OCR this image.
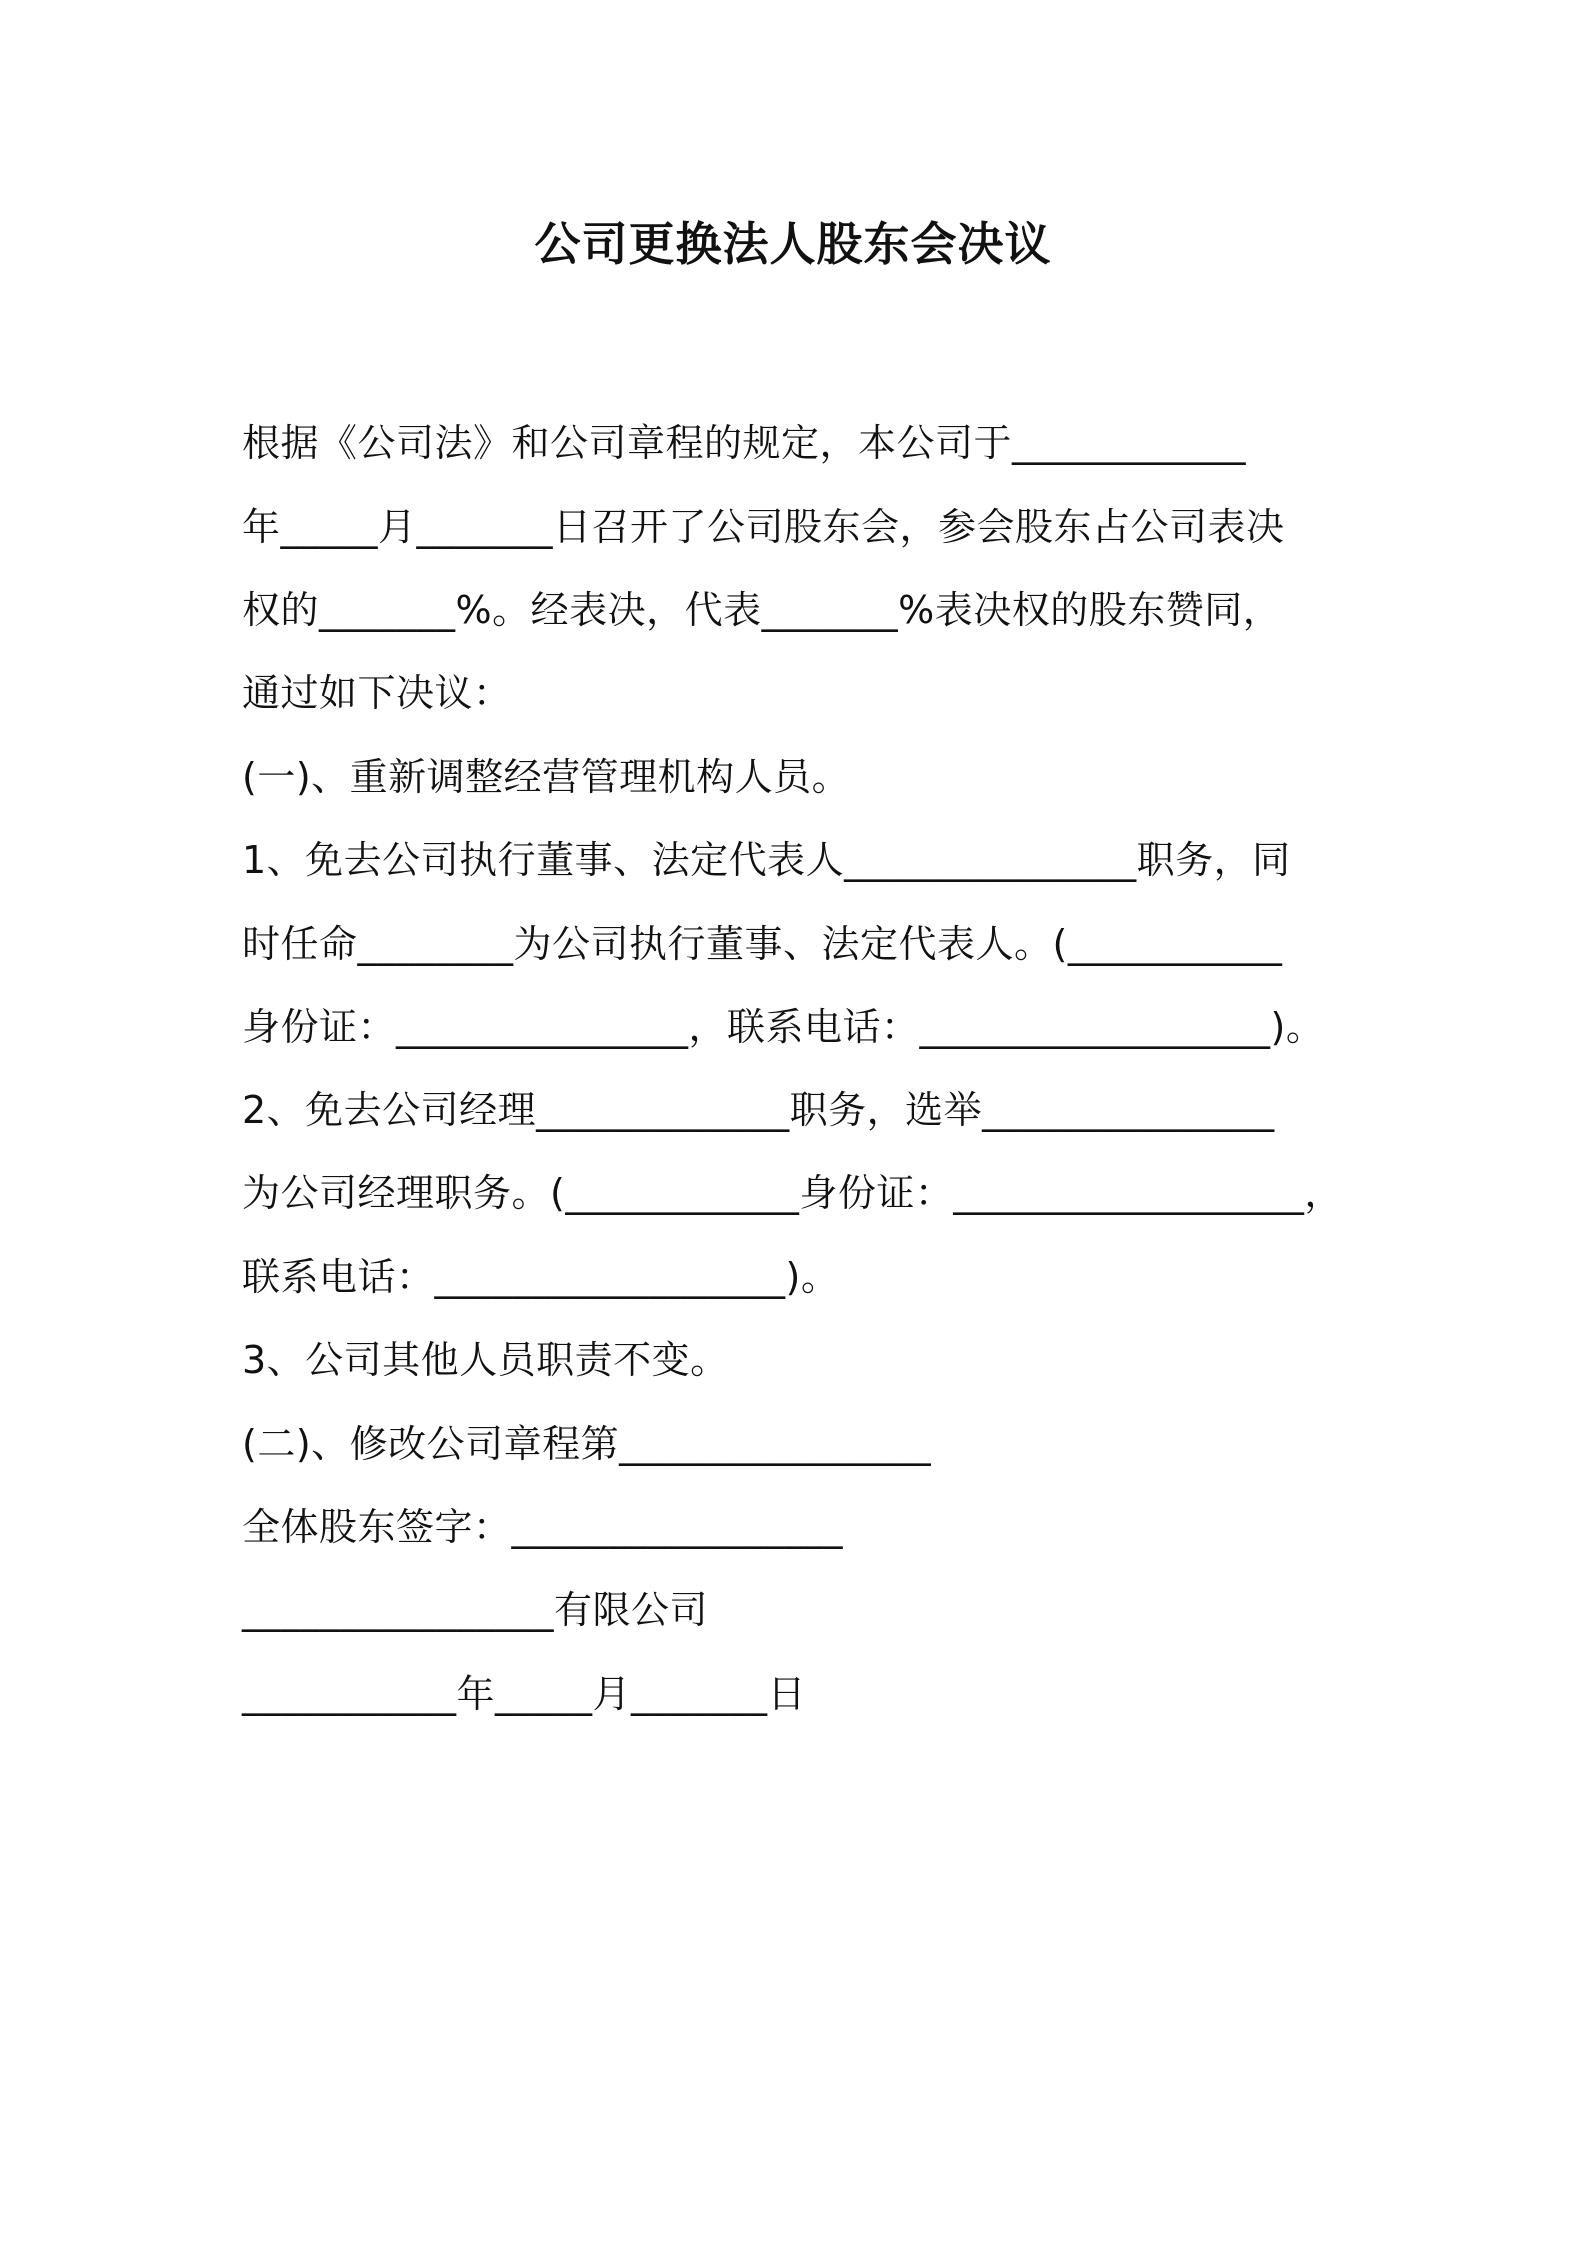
公司更换法人股东会决议
根据《公司法》和公司章程的规定，本公司于____________
年_____月_______日召开了公司股东会，参会股东占公司表决
权的_______%。经表决，代表_______%表决权的股东赞同，
通过如下决议：
(一)、重新调整经营管理机构人员。
1、免去公司执行董事、法定代表人_______________职务，同
时任命________为公司执行董事、法定代表人。(___________
身份证：_______________，联系电话：__________________)。
2、免去公司经理_____________职务，选举_______________
为公司经理职务。(____________身份证：__________________，
联系电话：__________________)。
3、公司其他人员职责不变。
(二)、修改公司章程第________________
全体股东签字：_________________
________________有限公司
___________年_____月_______日
